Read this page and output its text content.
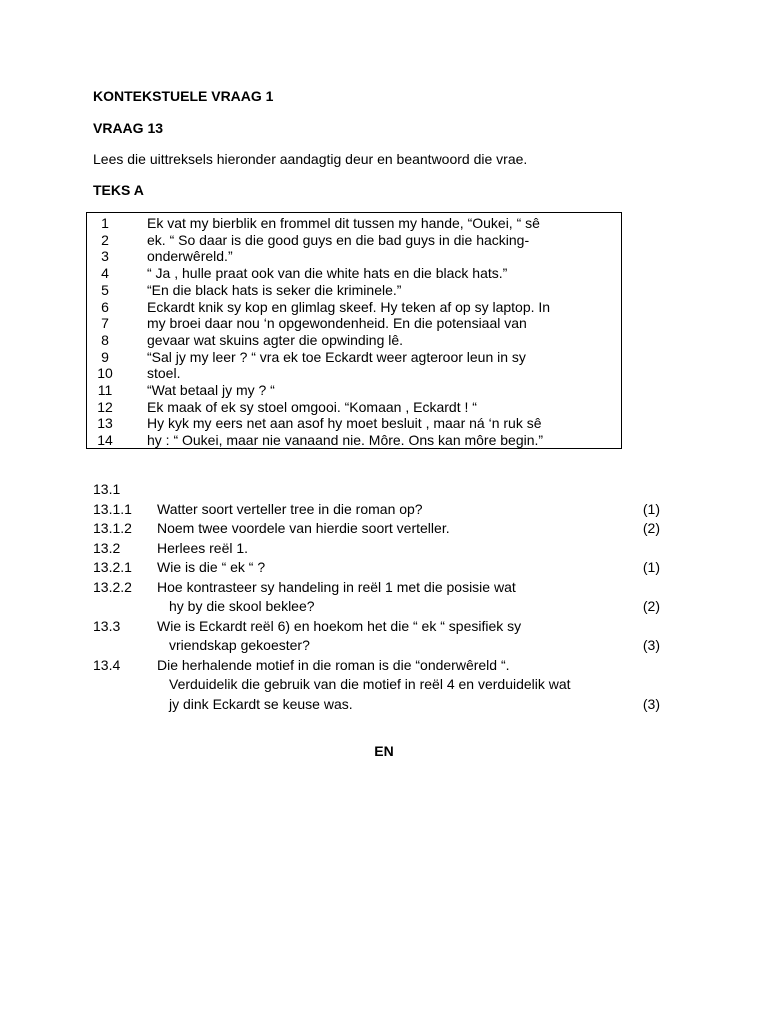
KONTEKSTUELE VRAAG 1
VRAAG 13
Lees die uittreksels hieronder aandagtig deur en beantwoord die vrae.
TEKS A
1	Ek vat my bierblik en frommel dit tussen my hande, “Oukei, “ sê
2	ek. “ So daar is die good guys en die bad guys in die hacking-
3	onderwêreld.”
4	“ Ja , hulle praat ook van die white hats en die black hats.”
5	“En die black hats is seker die kriminele.”
6	Eckardt knik sy kop en glimlag skeef. Hy teken af op sy laptop. In
7	my broei daar nou ‘n opgewondenheid. En die potensiaal van
8	gevaar wat skuins agter die opwinding lê.
9	“Sal jy my leer ? “ vra ek toe Eckardt weer agteroor leun in sy
10	stoel.
11	“Wat betaal jy my ? “
12	Ek maak of ek sy stoel omgooi. “Komaan , Eckardt ! “
13	Hy kyk my eers net aan asof hy moet besluit , maar ná ‘n ruk sê
14	hy : “ Oukei, maar nie vanaand nie. Môre. Ons kan môre begin.”
13.1
13.1.1 Watter soort verteller tree in die roman op?	(1)
13.1.2 Noem twee voordele van hierdie soort verteller.	(2)
13.2	Herlees reël 1.
13.2.1 Wie is die “ ek “ ?	(1)
13.2.2 Hoe kontrasteer sy handeling in reël 1 met die posisie wat
hy by die skool beklee?	(2)
13.3	Wie is Eckardt reël 6) en hoekom het die “ ek “ spesifiek sy
vriendskap gekoester?	(3)
13.4	Die herhalende motief in die roman is die “onderwêreld “.
Verduidelik die gebruik van die motief in reël 4 en verduidelik wat
jy dink Eckardt se keuse was.	(3)
EN
